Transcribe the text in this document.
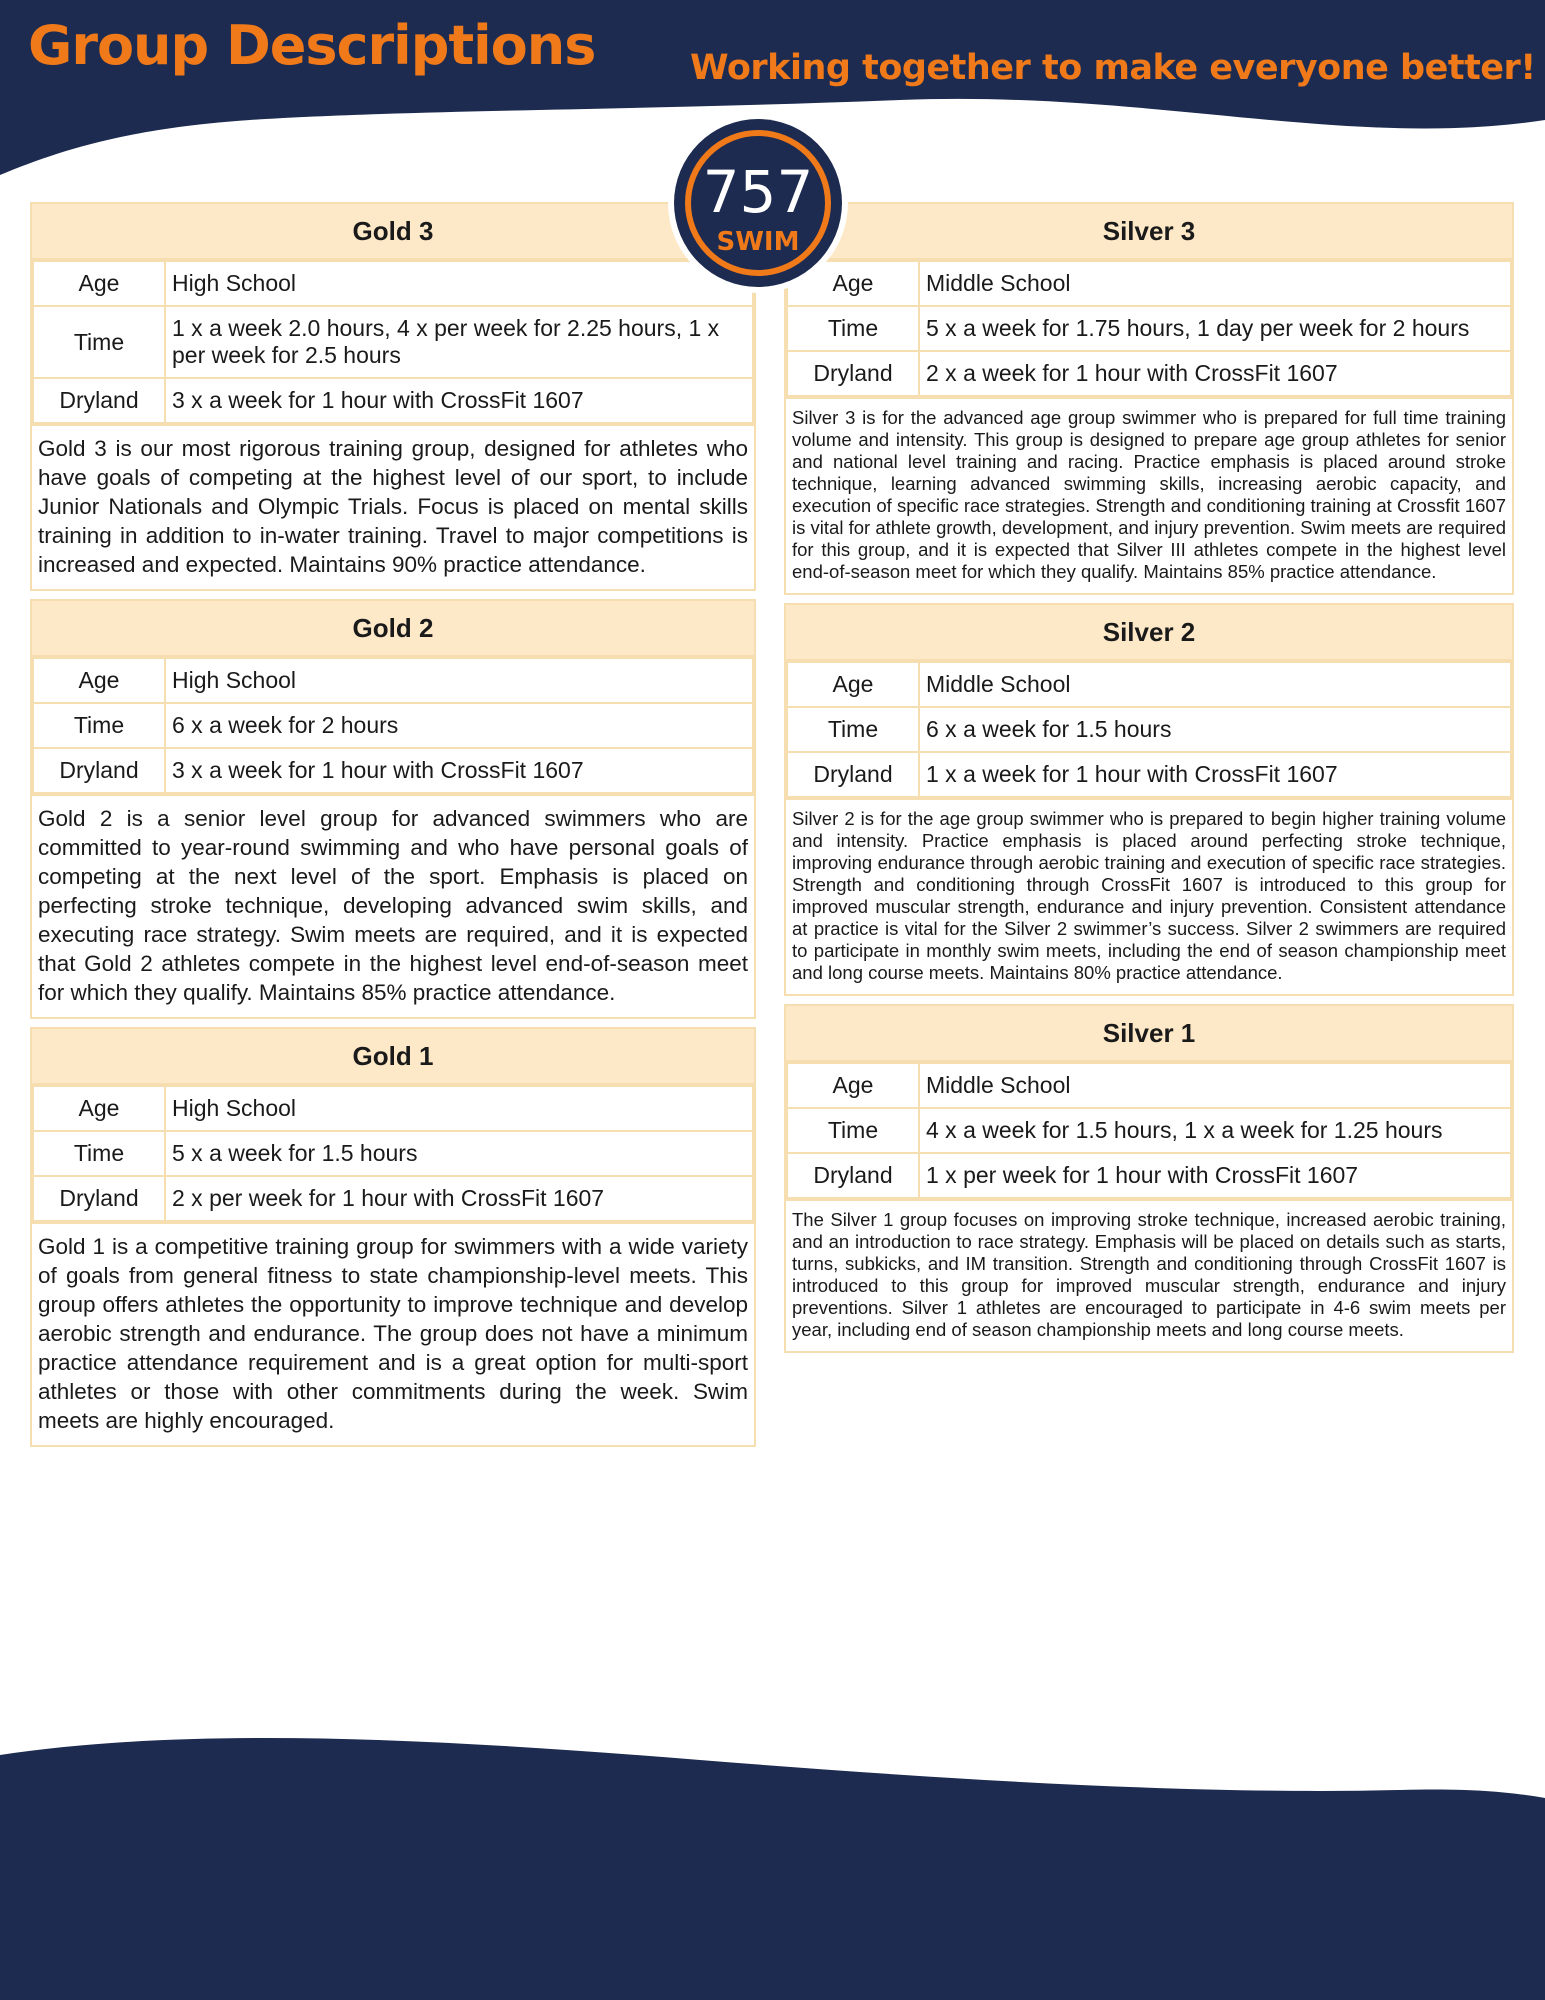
Group Descriptions	Working together to make everyone better!
757
SWIM
Gold 3
Age	High School
Time	1 x a week 2.0 hours, 4 x per week for 2.25 hours, 1 x per week for 2.5 hours
Dryland	3 x a week for 1 hour with CrossFit 1607
Gold 3 is our most rigorous training group, designed for athletes who have goals of competing at the highest level of our sport, to include Junior Nationals and Olympic Trials. Focus is placed on mental skills training in addition to in-water training. Travel to major competitions is increased and expected. Maintains 90% practice attendance.
Gold 2
Age	High School
Time	6 x a week for 2 hours
Dryland	3 x a week for 1 hour with CrossFit 1607
Gold 2 is a senior level group for advanced swimmers who are committed to year-round swimming and who have personal goals of competing at the next level of the sport. Emphasis is placed on perfecting stroke technique, developing advanced swim skills, and executing race strategy. Swim meets are required, and it is expected that Gold 2 athletes compete in the highest level end-of-season meet for which they qualify. Maintains 85% practice attendance.
Gold 1
Age	High School
Time	5 x a week for 1.5 hours
Dryland	2 x per week for 1 hour with CrossFit 1607
Gold 1 is a competitive training group for swimmers with a wide variety of goals from general fitness to state championship-level meets. This group offers athletes the opportunity to improve technique and develop aerobic strength and endurance. The group does not have a minimum practice attendance requirement and is a great option for multi-sport athletes or those with other commitments during the week. Swim meets are highly encouraged.
Silver 3
Age	Middle School
Time	5 x a week for 1.75 hours, 1 day per week for 2 hours
Dryland	2 x a week for 1 hour with CrossFit 1607
Silver 3 is for the advanced age group swimmer who is prepared for full time training volume and intensity. This group is designed to prepare age group athletes for senior and national level training and racing. Practice emphasis is placed around stroke technique, learning advanced swimming skills, increasing aerobic capacity, and execution of specific race strategies. Strength and conditioning training at Crossfit 1607 is vital for athlete growth, development, and injury prevention. Swim meets are required for this group, and it is expected that Silver III athletes compete in the highest level end-of-season meet for which they qualify. Maintains 85% practice attendance.
Silver 2
Age	Middle School
Time	6 x a week for 1.5 hours
Dryland	1 x a week for 1 hour with CrossFit 1607
Silver 2 is for the age group swimmer who is prepared to begin higher training volume and intensity. Practice emphasis is placed around perfecting stroke technique, improving endurance through aerobic training and execution of specific race strategies. Strength and conditioning through CrossFit 1607 is introduced to this group for improved muscular strength, endurance and injury prevention. Consistent attendance at practice is vital for the Silver 2 swimmer’s success. Silver 2 swimmers are required to participate in monthly swim meets, including the end of season championship meet and long course meets. Maintains 80% practice attendance.
Silver 1
Age	Middle School
Time	4 x a week for 1.5 hours, 1 x a week for 1.25 hours
Dryland	1 x per week for 1 hour with CrossFit 1607
The Silver 1 group focuses on improving stroke technique, increased aerobic training, and an introduction to race strategy. Emphasis will be placed on details such as starts, turns, subkicks, and IM transition. Strength and conditioning through CrossFit 1607 is introduced to this group for improved muscular strength, endurance and injury preventions. Silver 1 athletes are encouraged to participate in 4-6 swim meets per year, including end of season championship meets and long course meets.
